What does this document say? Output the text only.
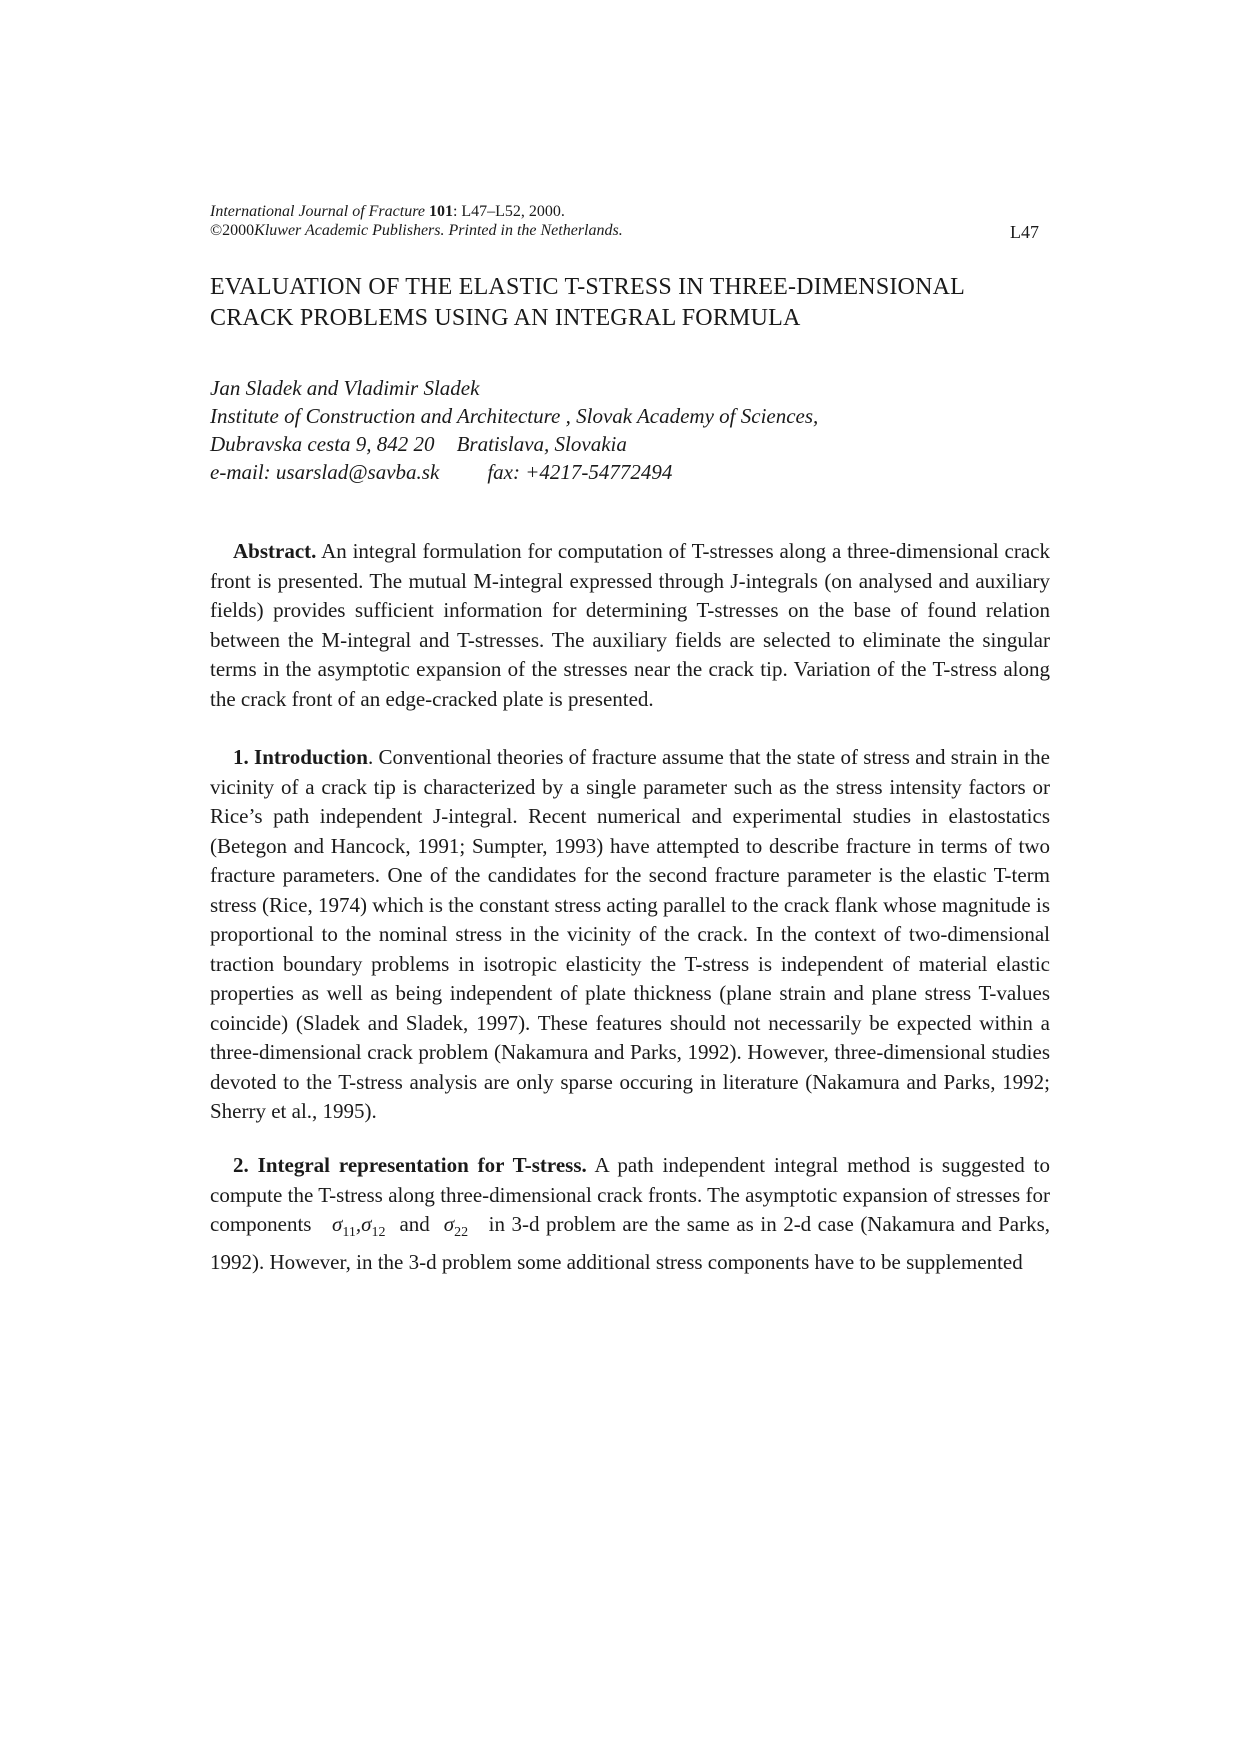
International Journal of Fracture 101: L47–L52, 2000.
©2000Kluwer Academic Publishers. Printed in the Netherlands.	L47
EVALUATION OF THE ELASTIC T-STRESS IN THREE-DIMENSIONAL
CRACK PROBLEMS USING AN INTEGRAL FORMULA
Jan Sladek and Vladimir Sladek
Institute of Construction and Architecture , Slovak Academy of Sciences,
Dubravska cesta 9, 842 20 Bratislava, Slovakia
e-mail: usarslad@savba.sk fax: +4217-54772494
Abstract. An integral formulation for computation of T-stresses along a three-dimensional crack front is presented. The mutual M-integral expressed through J-integrals (on analysed and auxiliary fields) provides sufficient information for determining T-stresses on the base of found relation between the M-integral and T-stresses. The auxiliary fields are selected to eliminate the singular terms in the asymptotic expansion of the stresses near the crack tip. Variation of the T-stress along the crack front of an edge-cracked plate is presented.
1. Introduction. Conventional theories of fracture assume that the state of stress and strain in the vicinity of a crack tip is characterized by a single parameter such as the stress intensity factors or Rice’s path independent J-integral. Recent numerical and experimental studies in elastostatics (Betegon and Hancock, 1991; Sumpter, 1993) have attempted to describe fracture in terms of two fracture parameters. One of the candidates for the second fracture parameter is the elastic T-term stress (Rice, 1974) which is the constant stress acting parallel to the crack flank whose magnitude is proportional to the nominal stress in the vicinity of the crack. In the context of two-dimensional traction boundary problems in isotropic elasticity the T-stress is independent of material elastic properties as well as being independent of plate thickness (plane strain and plane stress T-values coincide) (Sladek and Sladek, 1997). These features should not necessarily be expected within a three-dimensional crack problem (Nakamura and Parks, 1992). However, three-dimensional studies devoted to the T-stress analysis are only sparse occuring in literature (Nakamura and Parks, 1992; Sherry et al., 1995).
2. Integral representation for T-stress. A path independent integral method is suggested to compute the T-stress along three-dimensional crack fronts. The asymptotic expansion of stresses for components $\sigma_{11},\sigma_{12}$ and $\sigma_{22}$ in 3-d problem are the same as in 2-d case (Nakamura and Parks, 1992). However, in the 3-d problem some additional stress components have to be supplemented
